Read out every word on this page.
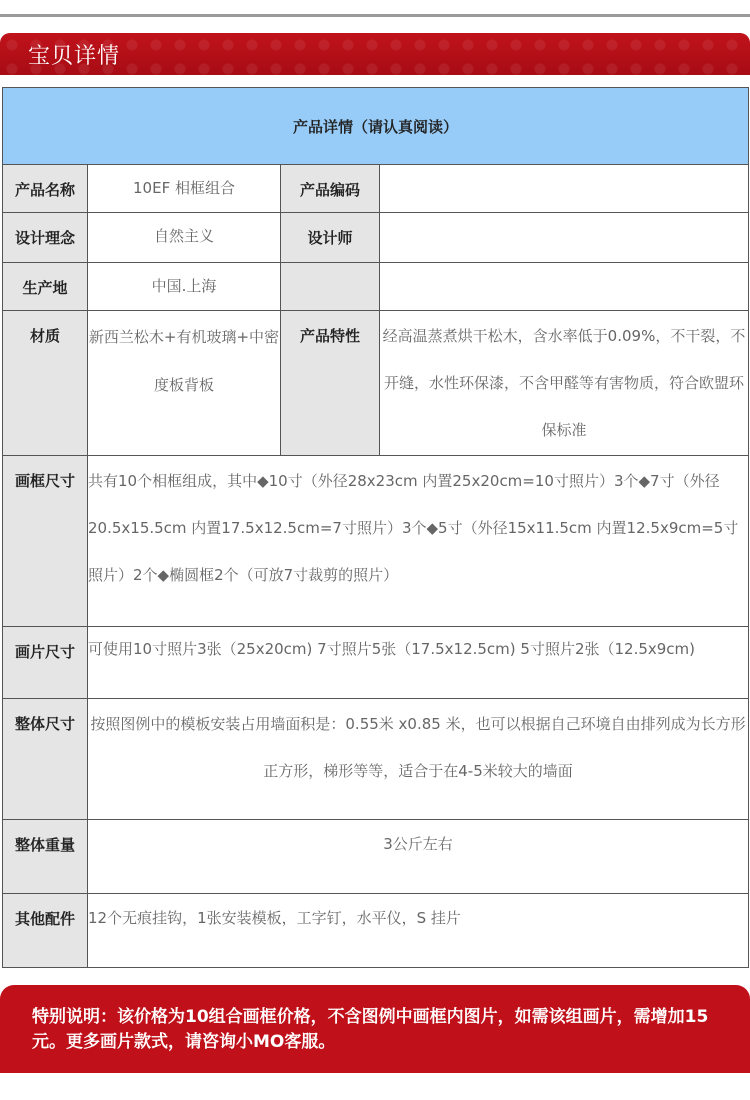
宝贝详情
产品详情（请认真阅读）			
产品名称	10EF 相框组合	产品编码	
设计理念	自然主义	设计师	
生产地	中国.上海		
材质	新西兰松木+有机玻璃+中密度板背板	产品特性	经高温蒸煮烘干松木，含水率低于0.09%，不干裂，不开缝，水性环保漆，不含甲醛等有害物质，符合欧盟环保标准
画框尺寸	共有10个相框组成，其中◆10寸（外径28x23cm 内置25x20cm=10寸照片）3个◆7寸（外径20.5x15.5cm 内置17.5x12.5cm=7寸照片）3个◆5寸（外径15x11.5cm 内置12.5x9cm=5寸照片）2个◆椭圆框2个（可放7寸裁剪的照片）		
画片尺寸	可使用10寸照片3张（25x20cm) 7寸照片5张（17.5x12.5cm) 5寸照片2张（12.5x9cm)		
整体尺寸	按照图例中的模板安装占用墙面积是：0.55米 x0.85 米，也可以根据自己环境自由排列成为长方形正方形，梯形等等，适合于在4-5米较大的墙面		
整体重量	3公斤左右		
其他配件	12个无痕挂钩，1张安装模板，工字钉，水平仪，S 挂片		
特别说明：该价格为10组合画框价格，不含图例中画框内图片，如需该组画片，需增加15元。更多画片款式，请咨询小MO客服。
